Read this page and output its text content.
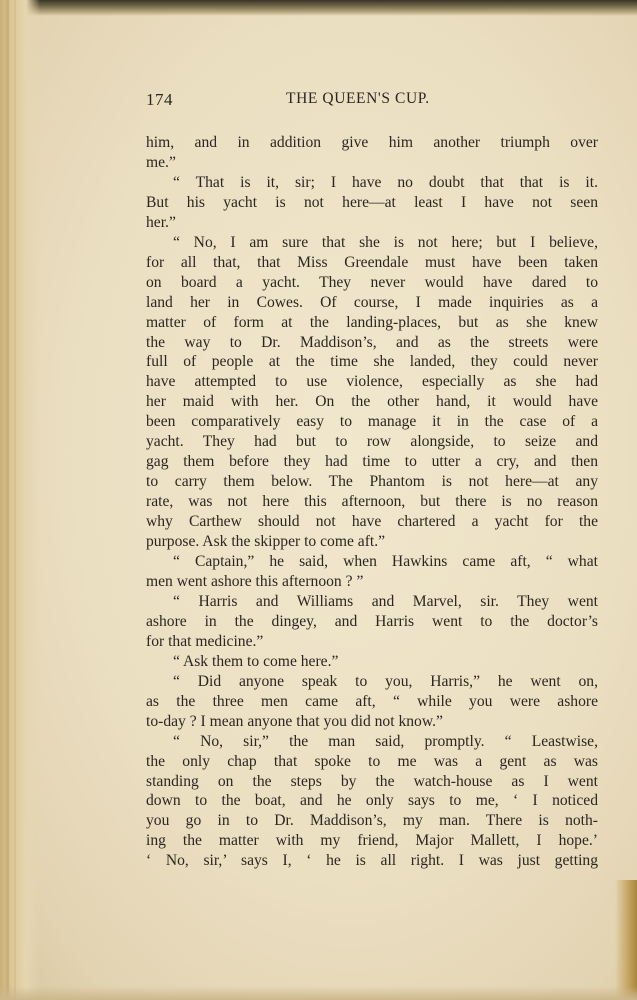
174	THE QUEEN'S CUP.

him, and in addition give him another triumph over

me.”

“ That is it, sir; I have no doubt that that is it.

But his yacht is not here—at least I have not seen

her.”

“ No, I am sure that she is not here; but I believe,

for all that, that Miss Greendale must have been taken

on board a yacht. They never would have dared to

land her in Cowes. Of course, I made inquiries as a

matter of form at the landing-places, but as she knew

the way to Dr. Maddison’s, and as the streets were

full of people at the time she landed, they could never

have attempted to use violence, especially as she had

her maid with her. On the other hand, it would have

been comparatively easy to manage it in the case of a

yacht. They had but to row alongside, to seize and

gag them before they had time to utter a cry, and then

to carry them below. The Phantom is not here—at any

rate, was not here this afternoon, but there is no reason

why Carthew should not have chartered a yacht for the

purpose. Ask the skipper to come aft.”

“ Captain,” he said, when Hawkins came aft, “ what

men went ashore this afternoon ? ”

“ Harris and Williams and Marvel, sir. They went

ashore in the dingey, and Harris went to the doctor’s

for that medicine.”

“ Ask them to come here.”

“ Did anyone speak to you, Harris,” he went on,

as the three men came aft, “ while you were ashore

to-day ? I mean anyone that you did not know.”

“ No, sir,” the man said, promptly. “ Leastwise,

the only chap that spoke to me was a gent as was

standing on the steps by the watch-house as I went

down to the boat, and he only says to me, ‘ I noticed

you go in to Dr. Maddison’s, my man. There is noth-

ing the matter with my friend, Major Mallett, I hope.’

‘ No, sir,’ says I, ‘ he is all right. I was just getting
